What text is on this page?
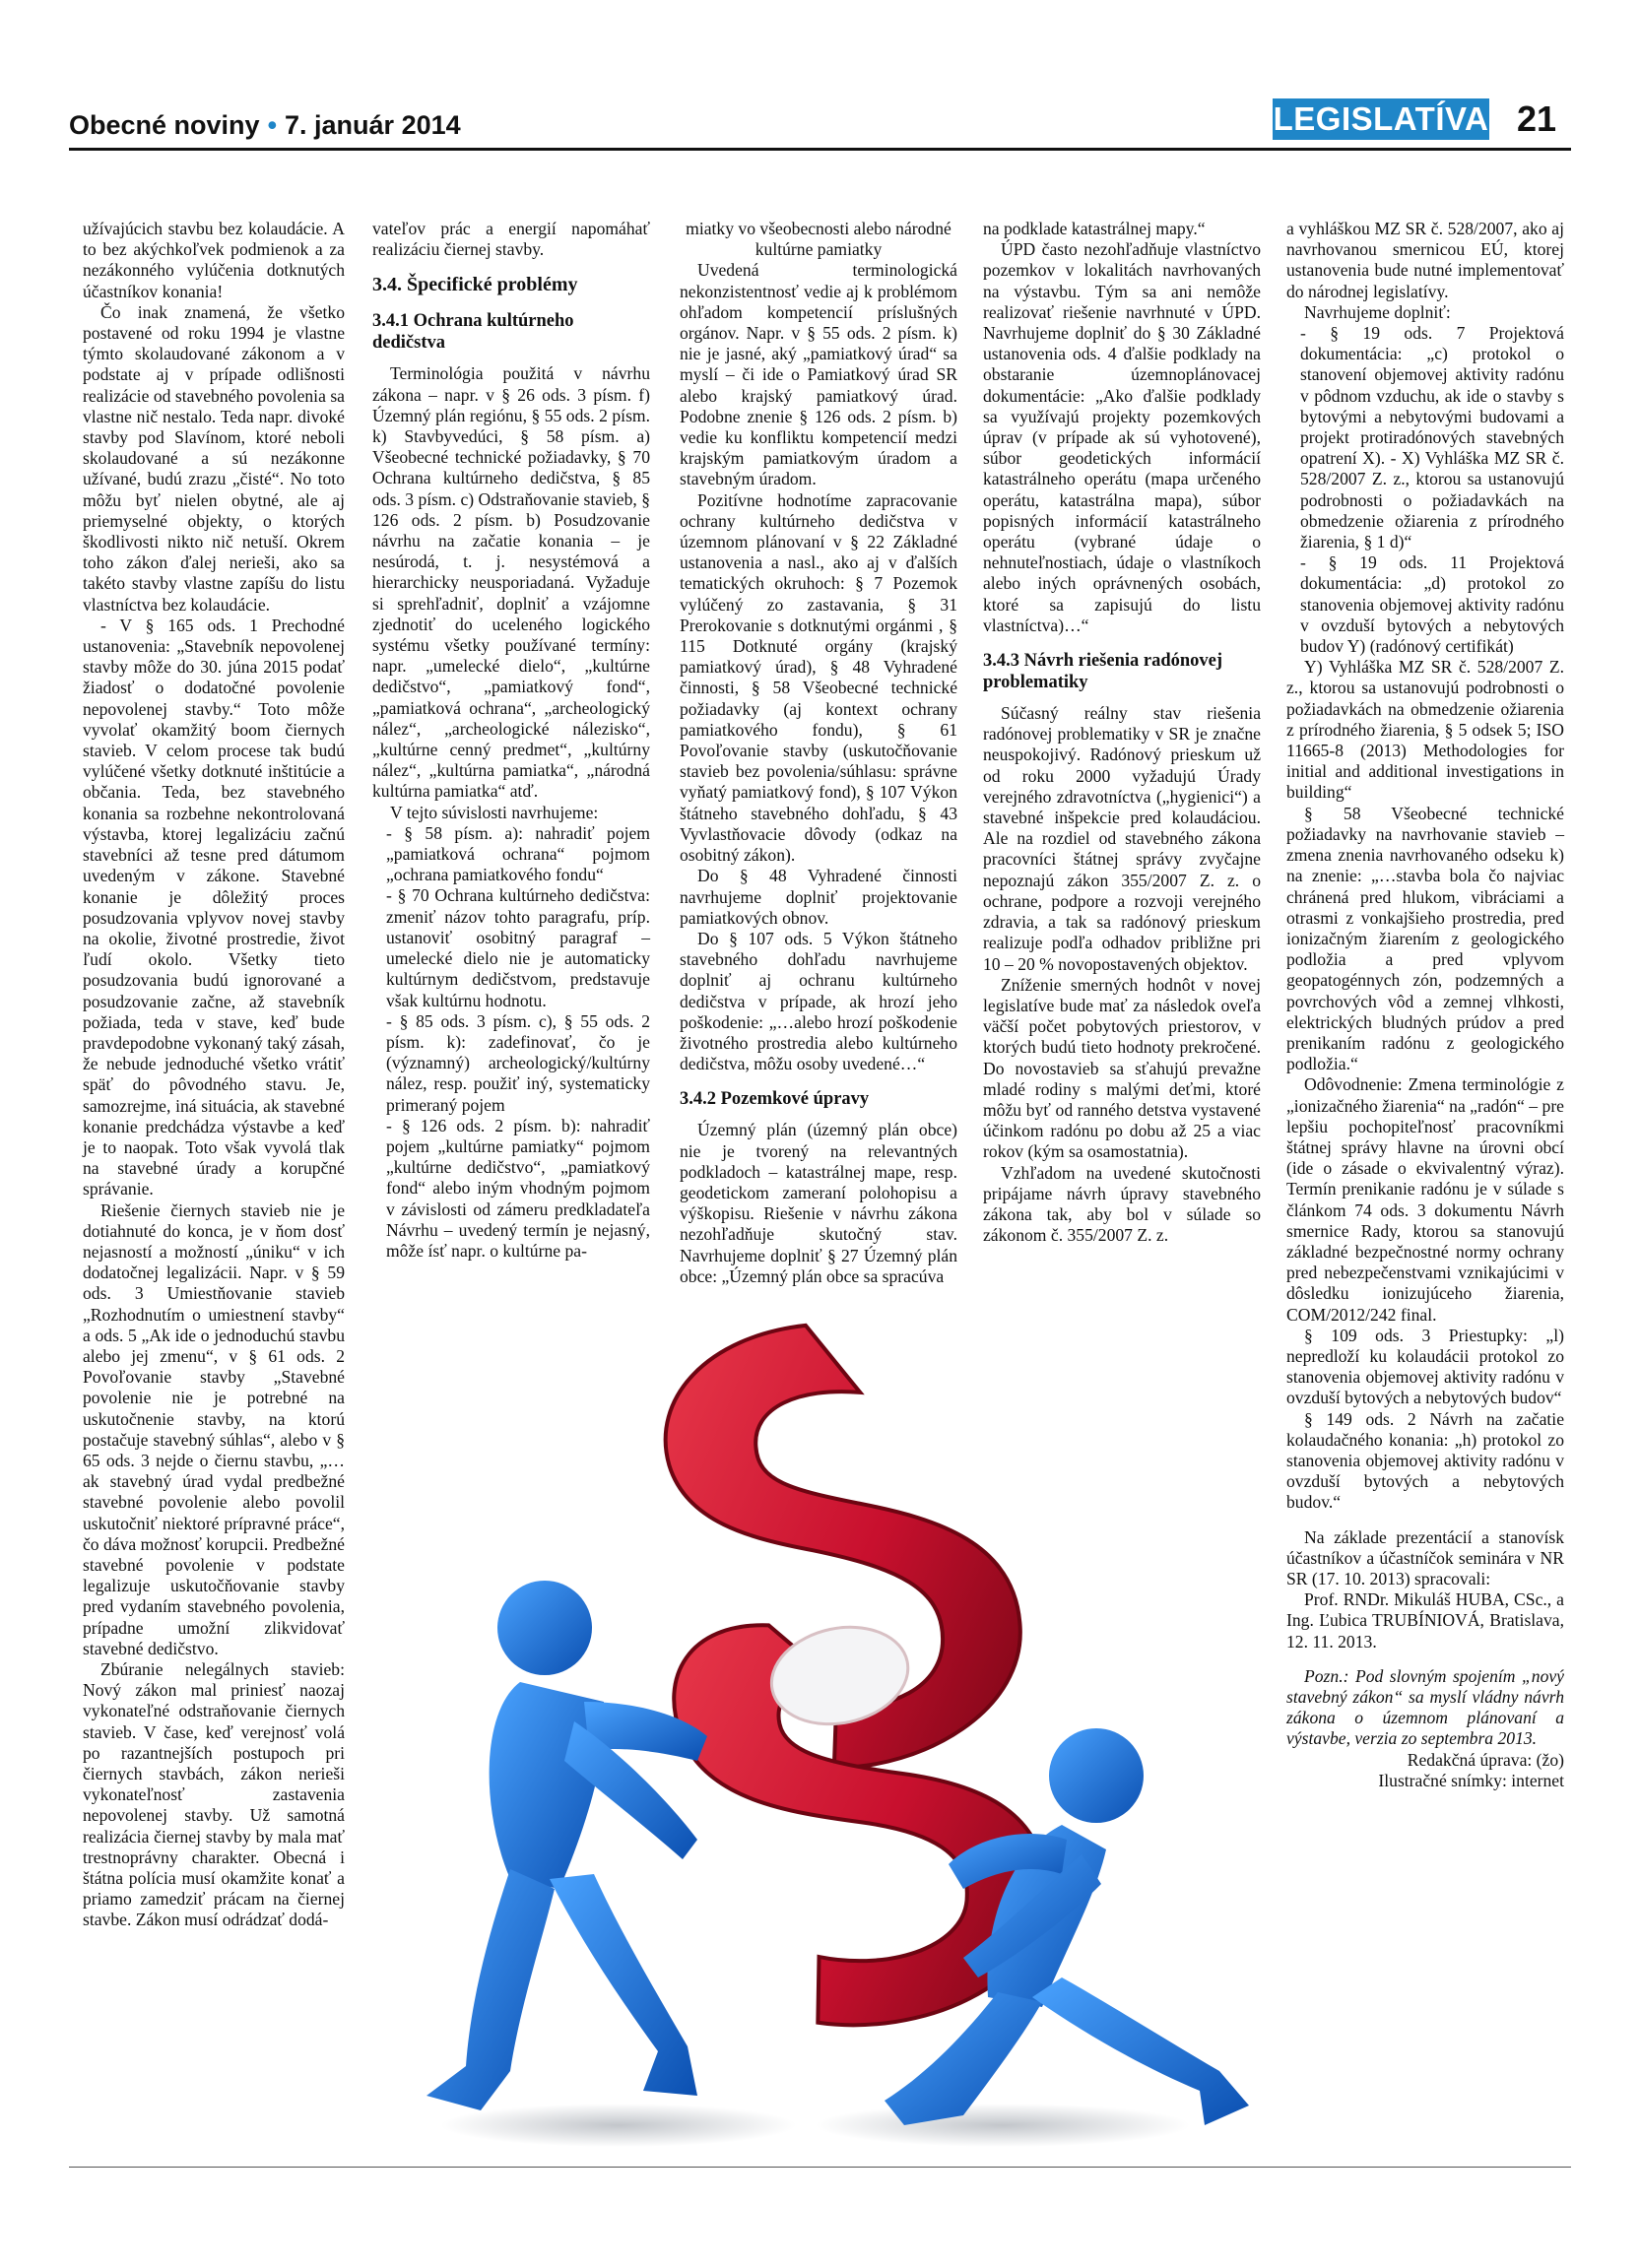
Obecné noviny • 7. január 2014	LEGISLATÍVA 21

užívajúcich stavbu bez kolaudácie. A to bez akýchkoľvek podmienok a za nezákonného vylúčenia dotknutých účastníkov konania!

Čo inak znamená, že všetko postavené od roku 1994 je vlastne týmto skolaudované zákonom a v podstate aj v prípade odlišnosti realizácie od stavebného povolenia sa vlastne nič nestalo. Teda napr. divoké stavby pod Slavínom, ktoré neboli skolaudované a sú nezákonne užívané, budú zrazu „čisté“. No toto môžu byť nielen obytné, ale aj priemyselné objekty, o ktorých škodlivosti nikto nič netuší. Okrem toho zákon ďalej nerieši, ako sa takéto stavby vlastne zapíšu do listu vlastníctva bez kolaudácie.

- V § 165 ods. 1 Prechodné ustanovenia: „Stavebník nepovolenej stavby môže do 30. júna 2015 podať žiadosť o dodatočné povolenie nepovolenej stavby.“ Toto môže vyvolať okamžitý boom čiernych stavieb. V celom procese tak budú vylúčené všetky dotknuté inštitúcie a občania. Teda, bez stavebného konania sa rozbehne nekontrolovaná výstavba, ktorej legalizáciu začnú stavebníci až tesne pred dátumom uvedeným v zákone. Stavebné konanie je dôležitý proces posudzovania vplyvov novej stavby na okolie, životné prostredie, život ľudí okolo. Všetky tieto posudzovania budú ignorované a posudzovanie začne, až stavebník požiada, teda v stave, keď bude pravdepodobne vykonaný taký zásah, že nebude jednoduché všetko vrátiť späť do pôvodného stavu. Je, samozrejme, iná situácia, ak stavebné konanie predchádza výstavbe a keď je to naopak. Toto však vyvolá tlak na stavebné úrady a korupčné správanie.

Riešenie čiernych stavieb nie je dotiahnuté do konca, je v ňom dosť nejasností a možností „úniku“ v ich dodatočnej legalizácii. Napr. v § 59 ods. 3 Umiestňovanie stavieb „Rozhodnutím o umiestnení stavby“ a ods. 5 „Ak ide o jednoduchú stavbu alebo jej zmenu“, v § 61 ods. 2 Povoľovanie stavby „Stavebné povolenie nie je potrebné na uskutočnenie stavby, na ktorú postačuje stavebný súhlas“, alebo v § 65 ods. 3 nejde o čiernu stavbu, „…ak stavebný úrad vydal predbežné stavebné povolenie alebo povolil uskutočniť niektoré prípravné práce“, čo dáva možnosť korupcii. Predbežné stavebné povolenie v podstate legalizuje uskutočňovanie stavby pred vydaním stavebného povolenia, prípadne umožní zlikvidovať stavebné dedičstvo.

Zbúranie nelegálnych stavieb: Nový zákon mal priniesť naozaj vykonateľné odstraňovanie čiernych stavieb. V čase, keď verejnosť volá po razantnejších postupoch pri čiernych stavbách, zákon nerieši vykonateľnosť zastavenia nepovolenej stavby. Už samotná realizácia čiernej stavby by mala mať trestnoprávny charakter. Obecná i štátna polícia musí okamžite konať a priamo zamedziť prácam na čiernej stavbe. Zákon musí odrádzať dodá-

vateľov prác a energií napomáhať realizáciu čiernej stavby.

3.4. Špecifické problémy
3.4.1 Ochrana kultúrneho dedičstva

Terminológia použitá v návrhu zákona – napr. v § 26 ods. 3 písm. f) Územný plán regiónu, § 55 ods. 2 písm. k) Stavbyvedúci, § 58 písm. a) Všeobecné technické požiadavky, § 70 Ochrana kultúrneho dedičstva, § 85 ods. 3 písm. c) Odstraňovanie stavieb, § 126 ods. 2 písm. b) Posudzovanie návrhu na začatie konania – je nesúrodá, t. j. nesystémová a hierarchicky neusporiadaná. Vyžaduje si sprehľadniť, doplniť a vzájomne zjednotiť do uceleného logického systému všetky používané termíny: napr. „umelecké dielo“, „kultúrne dedičstvo“, „pamiatkový fond“, „pamiatková ochrana“, „archeologický nález“, „archeologické nálezisko“, „kultúrne cenný predmet“, „kultúrny nález“, „kultúrna pamiatka“, „národná kultúrna pamiatka“ atď.

V tejto súvislosti navrhujeme:

- § 58 písm. a): nahradiť pojem „pamiatková ochrana“ pojmom „ochrana pamiatkového fondu“

- § 70 Ochrana kultúrneho dedičstva: zmeniť názov tohto paragrafu, príp. ustanoviť osobitný paragraf – umelecké dielo nie je automaticky kultúrnym dedičstvom, predstavuje však kultúrnu hodnotu.

- § 85 ods. 3 písm. c), § 55 ods. 2 písm. k): zadefinovať, čo je (významný) archeologický/kultúrny nález, resp. použiť iný, systematicky primeraný pojem

- § 126 ods. 2 písm. b): nahradiť pojem „kultúrne pamiatky“ pojmom „kultúrne dedičstvo“, „pamiatkový fond“ alebo iným vhodným pojmom v závislosti od zámeru predkladateľa Návrhu – uvedený termín je nejasný, môže ísť napr. o kultúrne pa-

miatky vo všeobecnosti alebo národné kultúrne pamiatky

Uvedená terminologická nekonzistentnosť vedie aj k problémom ohľadom kompetencií príslušných orgánov. Napr. v § 55 ods. 2 písm. k) nie je jasné, aký „pamiatkový úrad“ sa myslí – či ide o Pamiatkový úrad SR alebo krajský pamiatkový úrad. Podobne znenie § 126 ods. 2 písm. b) vedie ku konfliktu kompetencií medzi krajským pamiatkovým úradom a stavebným úradom.

Pozitívne hodnotíme zapracovanie ochrany kultúrneho dedičstva v územnom plánovaní v § 22 Základné ustanovenia a nasl., ako aj v ďalších tematických okruhoch: § 7 Pozemok vylúčený zo zastavania, § 31 Prerokovanie s dotknutými orgánmi , § 115 Dotknuté orgány (krajský pamiatkový úrad), § 48 Vyhradené činnosti, § 58 Všeobecné technické požiadavky (aj kontext ochrany pamiatkového fondu), § 61 Povoľovanie stavby (uskutočňovanie stavieb bez povolenia/súhlasu: správne vyňatý pamiatkový fond), § 107 Výkon štátneho stavebného dohľadu, § 43 Vyvlastňovacie dôvody (odkaz na osobitný zákon).

Do § 48 Vyhradené činnosti navrhujeme doplniť projektovanie pamiatkových obnov.

Do § 107 ods. 5 Výkon štátneho stavebného dohľadu navrhujeme doplniť aj ochranu kultúrneho dedičstva v prípade, ak hrozí jeho poškodenie: „…alebo hrozí poškodenie životného prostredia alebo kultúrneho dedičstva, môžu osoby uvedené…“

3.4.2 Pozemkové úpravy

Územný plán (územný plán obce) nie je tvorený na relevantných podkladoch – katastrálnej mape, resp. geodetickom zameraní polohopisu a výškopisu. Riešenie v návrhu zákona nezohľadňuje skutočný stav. Navrhujeme doplniť § 27 Územný plán obce: „Územný plán obce sa spracúva

na podklade katastrálnej mapy.“

ÚPD často nezohľadňuje vlastníctvo pozemkov v lokalitách navrhovaných na výstavbu. Tým sa ani nemôže realizovať riešenie navrhnuté v ÚPD. Navrhujeme doplniť do § 30 Základné ustanovenia ods. 4 ďalšie podklady na obstaranie územnoplánovacej dokumentácie: „Ako ďalšie podklady sa využívajú projekty pozemkových úprav (v prípade ak sú vyhotovené), súbor geodetických informácií katastrálneho operátu (mapa určeného operátu, katastrálna mapa), súbor popisných informácií katastrálneho operátu (vybrané údaje o nehnuteľnostiach, údaje o vlastníkoch alebo iných oprávnených osobách, ktoré sa zapisujú do listu vlastníctva)…“

3.4.3 Návrh riešenia radónovej problematiky

Súčasný reálny stav riešenia radónovej problematiky v SR je značne neuspokojivý. Radónový prieskum už od roku 2000 vyžadujú Úrady verejného zdravotníctva („hygienici“) a stavebné inšpekcie pred kolaudáciou. Ale na rozdiel od stavebného zákona pracovníci štátnej správy zvyčajne nepoznajú zákon 355/2007 Z. z. o ochrane, podpore a rozvoji verejného zdravia, a tak sa radónový prieskum realizuje podľa odhadov približne pri 10 – 20 % novopostavených objektov.

Zníženie smerných hodnôt v novej legislatíve bude mať za následok oveľa väčší počet pobytových priestorov, v ktorých budú tieto hodnoty prekročené. Do novostavieb sa sťahujú prevažne mladé rodiny s malými deťmi, ktoré môžu byť od ranného detstva vystavené účinkom radónu po dobu až 25 a viac rokov (kým sa osamostatnia).

Vzhľadom na uvedené skutočnosti pripájame návrh úpravy stavebného zákona tak, aby bol v súlade so zákonom č. 355/2007 Z. z.

a vyhláškou MZ SR č. 528/2007, ako aj navrhovanou smernicou EÚ, ktorej ustanovenia bude nutné implementovať do národnej legislatívy.

Navrhujeme doplniť:

- § 19 ods. 7 Projektová dokumentácia: „c) protokol o stanovení objemovej aktivity radónu v pôdnom vzduchu, ak ide o stavby s bytovými a nebytovými budovami a projekt protiradónových stavebných opatrení X). - X) Vyhláška MZ SR č. 528/2007 Z. z., ktorou sa ustanovujú podrobnosti o požiadavkách na obmedzenie ožiarenia z prírodného žiarenia, § 1 d)“

- § 19 ods. 11 Projektová dokumentácia: „d) protokol zo stanovenia objemovej aktivity radónu v ovzduší bytových a nebytových budov Y) (radónový certifikát)

Y) Vyhláška MZ SR č. 528/2007 Z. z., ktorou sa ustanovujú podrobnosti o požiadavkách na obmedzenie ožiarenia z prírodného žiarenia, § 5 odsek 5; ISO 11665-8 (2013) Methodologies for initial and additional investigations in building“

§ 58 Všeobecné technické požiadavky na navrhovanie stavieb – zmena znenia navrhovaného odseku k) na znenie: „…stavba bola čo najviac chránená pred hlukom, vibráciami a otrasmi z vonkajšieho prostredia, pred ionizačným žiarením z geologického podložia a pred vplyvom geopatogénnych zón, podzemných a povrchových vôd a zemnej vlhkosti, elektrických bludných prúdov a pred prenikaním radónu z geologického podložia.“

Odôvodnenie: Zmena terminológie z „ionizačného žiarenia“ na „radón“ – pre lepšiu pochopiteľnosť pracovníkmi štátnej správy hlavne na úrovni obcí (ide o zásade o ekvivalentný výraz). Termín prenikanie radónu je v súlade s článkom 74 ods. 3 dokumentu Návrh smernice Rady, ktorou sa stanovujú základné bezpečnostné normy ochrany pred nebezpečenstvami vznikajúcimi v dôsledku ionizujúceho žiarenia, COM/2012/242 final.

§ 109 ods. 3 Priestupky: „l) nepredloží ku kolaudácii protokol zo stanovenia objemovej aktivity radónu v ovzduší bytových a nebytových budov“

§ 149 ods. 2 Návrh na začatie kolaudačného konania: „h) protokol zo stanovenia objemovej aktivity radónu v ovzduší bytových a nebytových budov.“

Na základe prezentácií a stanovísk účastníkov a účastníčok seminára v NR SR (17. 10. 2013) spracovali:

Prof. RNDr. Mikuláš HUBA, CSc., a Ing. Ľubica TRUBÍNIOVÁ, Bratislava, 12. 11. 2013.

Pozn.: Pod slovným spojením „nový stavebný zákon“ sa myslí vládny návrh zákona o územnom plánovaní a výstavbe, verzia zo septembra 2013.

Redakčná úprava: (žo)

Ilustračné snímky: internet
